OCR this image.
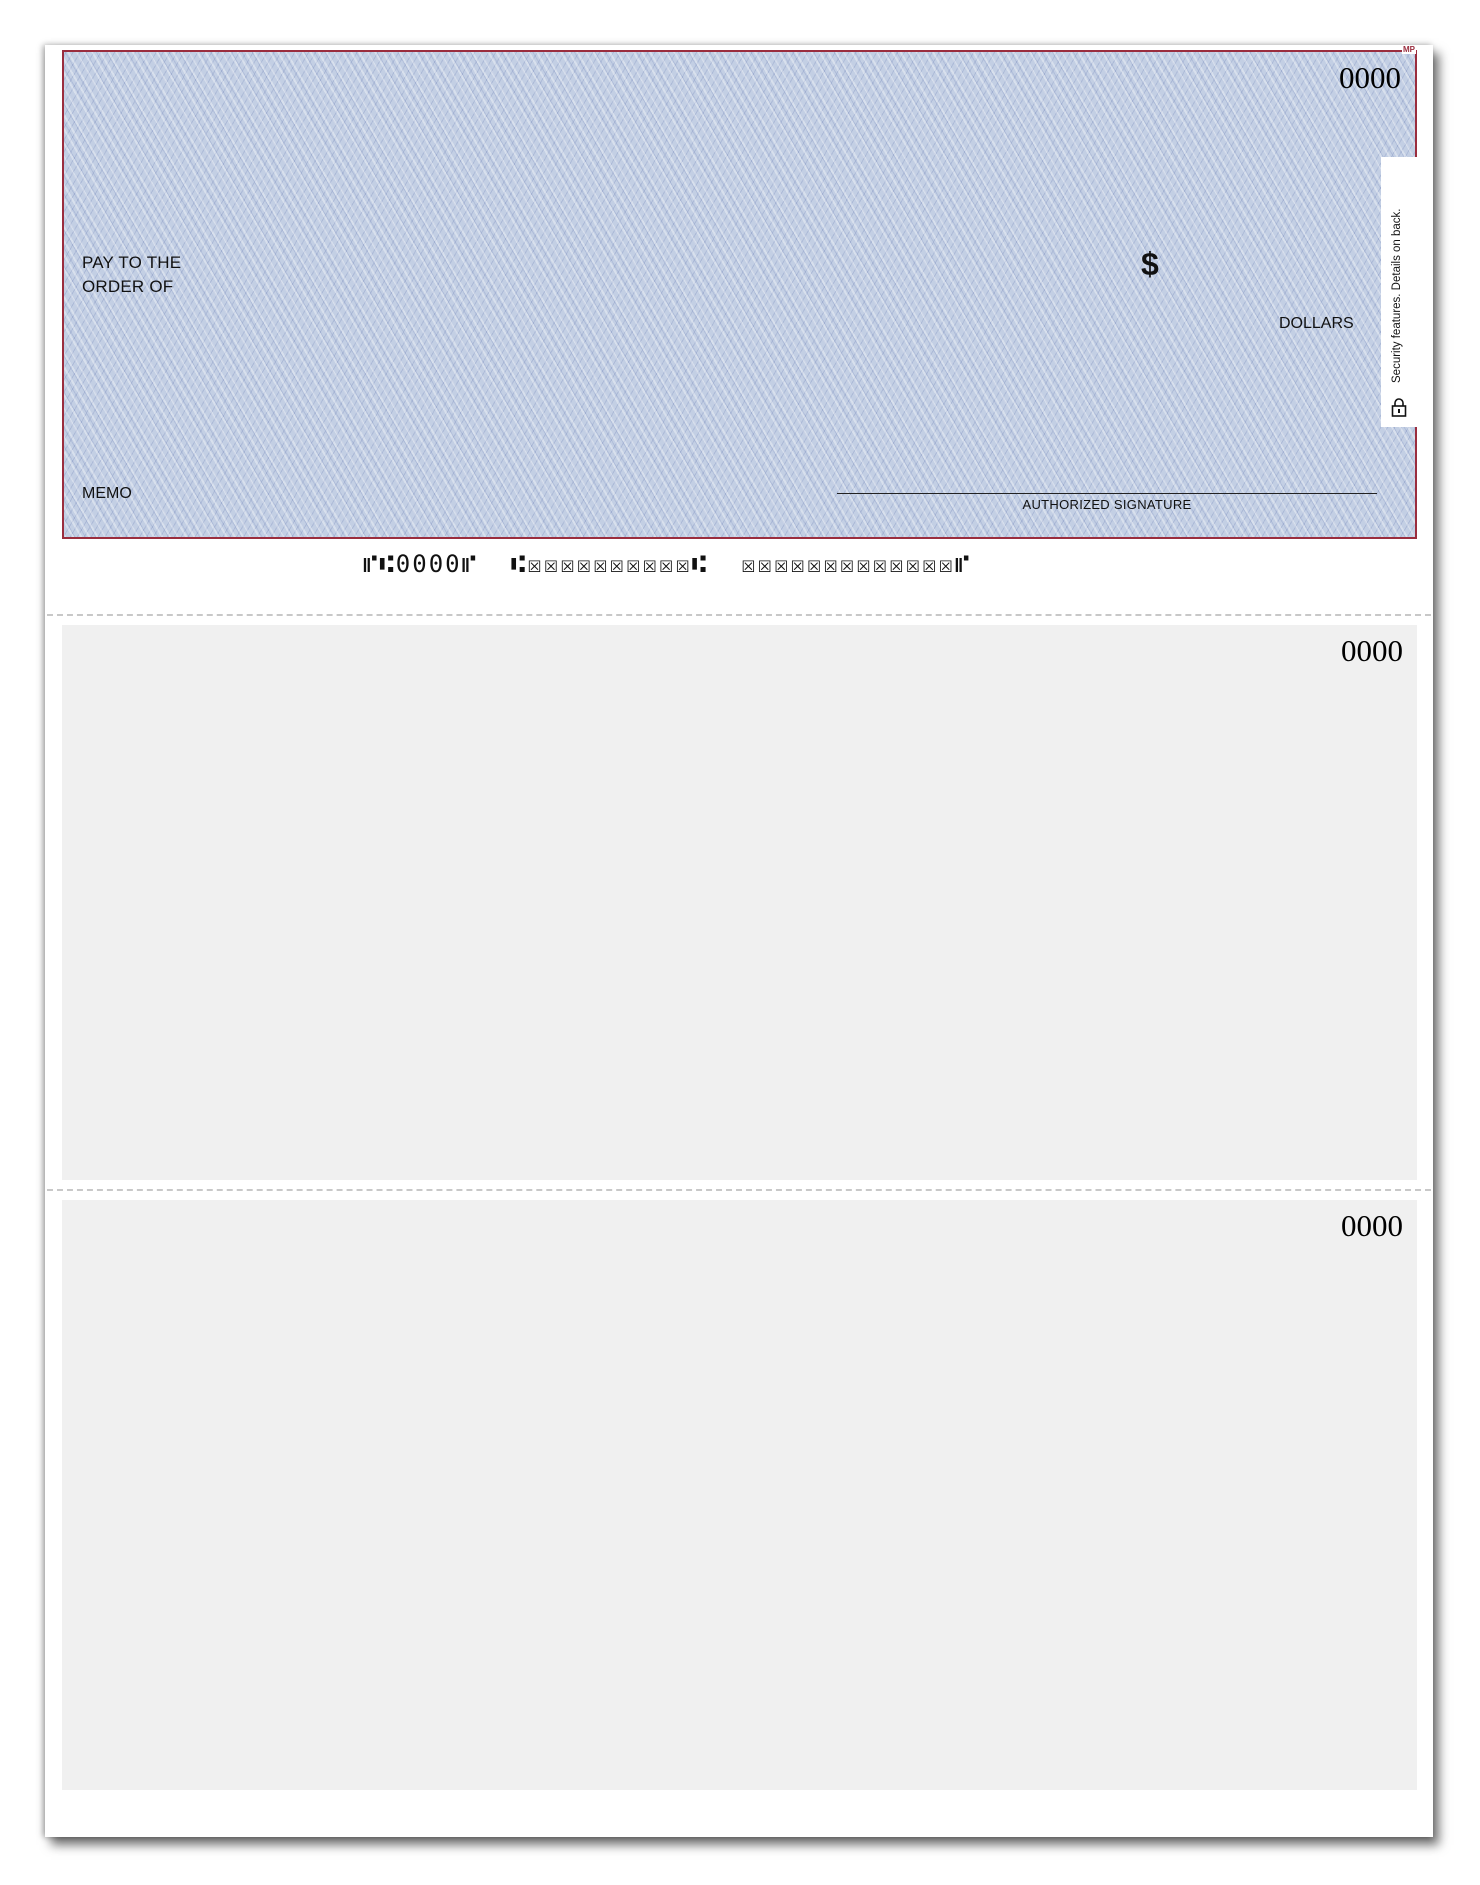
MP
0000
PAY TO THE
ORDER OF
$
DOLLARS
MEMO
AUTHORIZED SIGNATURE
Security features. Details on back.
⑈⑆0000⑈  ⑆☒☒☒☒☒☒☒☒☒☒⑆  ☒☒☒☒☒☒☒☒☒☒☒☒☒⑈
0000
0000
